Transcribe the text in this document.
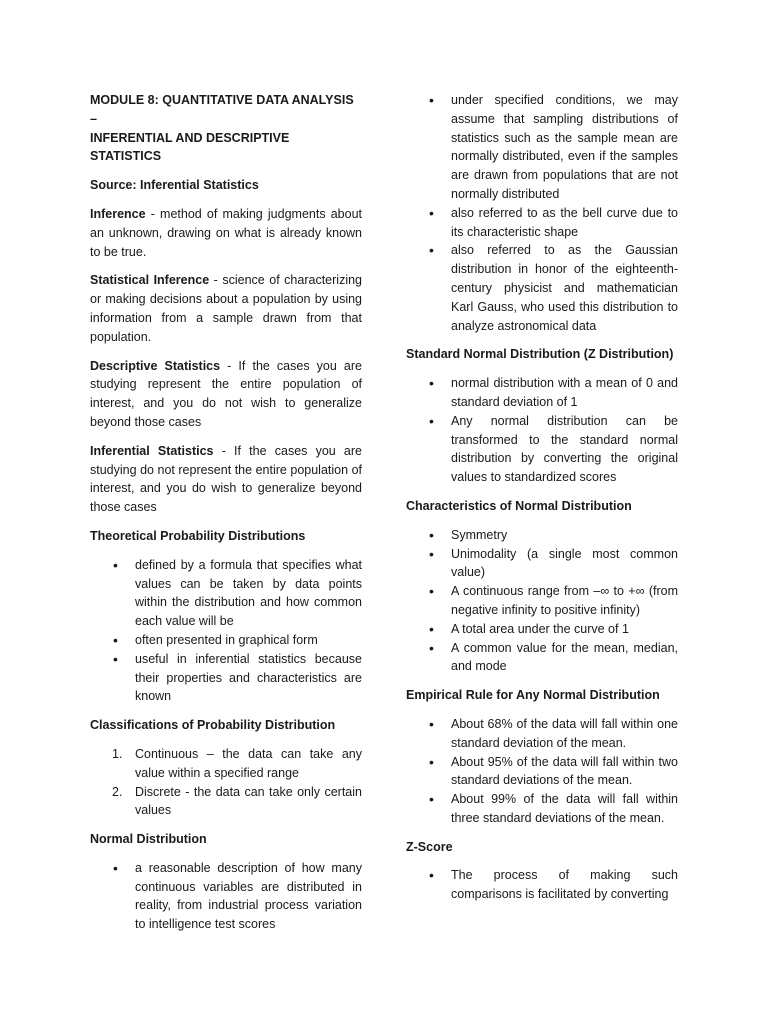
MODULE 8: QUANTITATIVE DATA ANALYSIS –
INFERENTIAL AND DESCRIPTIVE STATISTICS
Source: Inferential Statistics

Inference - method of making judgments about an unknown, drawing on what is already known to be true.

Statistical Inference - science of characterizing or making decisions about a population by using information from a sample drawn from that population.

Descriptive Statistics - If the cases you are studying represent the entire population of interest, and you do not wish to generalize beyond those cases

Inferential Statistics - If the cases you are studying do not represent the entire population of interest, and you do wish to generalize beyond those cases

Theoretical Probability Distributions
• defined by a formula that specifies what values can be taken by data points within the distribution and how common each value will be
• often presented in graphical form
• useful in inferential statistics because their properties and characteristics are known
Classifications of Probability Distribution
1. Continuous – the data can take any value within a specified range
2. Discrete - the data can take only certain values
Normal Distribution
• a reasonable description of how many continuous variables are distributed in reality, from industrial process variation to intelligence test scores
• under specified conditions, we may assume that sampling distributions of statistics such as the sample mean are normally distributed, even if the samples are drawn from populations that are not normally distributed
• also referred to as the bell curve due to its characteristic shape
• also referred to as the Gaussian distribution in honor of the eighteenth-century physicist and mathematician Karl Gauss, who used this distribution to analyze astronomical data
Standard Normal Distribution (Z Distribution)
• normal distribution with a mean of 0 and standard deviation of 1
• Any normal distribution can be transformed to the standard normal distribution by converting the original values to standardized scores
Characteristics of Normal Distribution
• Symmetry
• Unimodality (a single most common value)
• A continuous range from –∞ to +∞ (from negative infinity to positive infinity)
• A total area under the curve of 1
• A common value for the mean, median, and mode
Empirical Rule for Any Normal Distribution
• About 68% of the data will fall within one standard deviation of the mean.
• About 95% of the data will fall within two standard deviations of the mean.
• About 99% of the data will fall within three standard deviations of the mean.
Z-Score
• The process of making such comparisons is facilitated by converting
